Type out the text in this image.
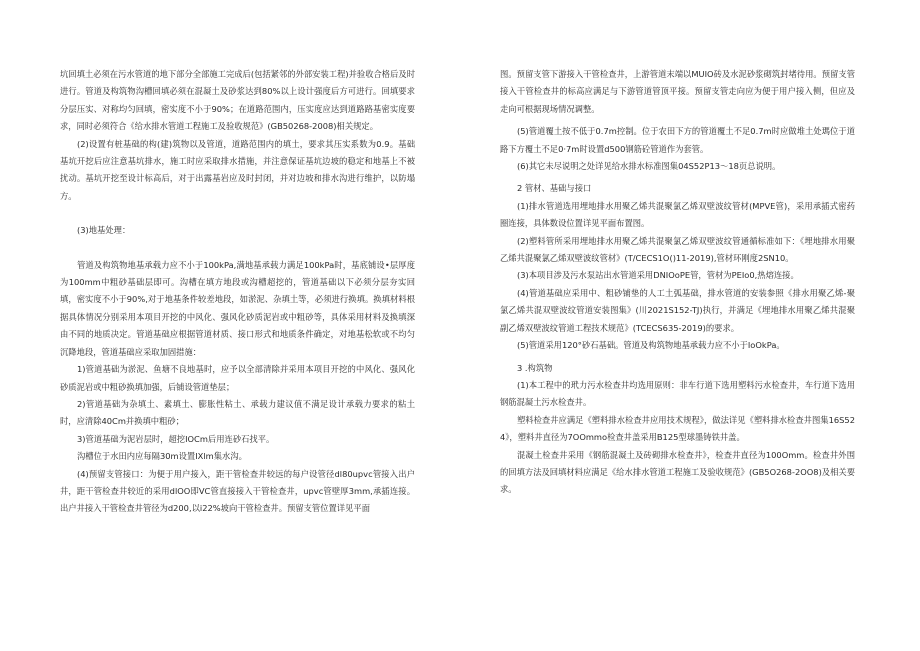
坑回填土必须在污水管道的地下部分全部施工完成后(包括紧邻的外部安装工程)并验收合格后及时进行。管道及构筑物沟槽回填必须在混凝土及砂浆达到80%以上设计强度后方可进行。回填要求分层压实、对称均匀回填，密实度不小于90%；在道路范围内，压实度应达到道路路基密实度要求，同时必须符合《给水排水管道工程施工及验收规范》(GB50268-2008)相关规定。

(2)设置有桩基础的构(建)筑物以及管道，道路范围内的填土，要求其压实系数为0.9。基础基坑开挖后应注意基坑排水，施工时应采取排水措施，并注意保证基坑边坡的稳定和地基上不被扰动。基坑开挖至设计标高后，对于出露基岩应及时封闭，并对边坡和排水沟进行维护，以防塌方。

(3)地基处理：

管道及构筑物地基承载力应不小于100kPa,满地基承载力满足100kPa时，基底铺设•层厚度为100mm中粗砂基础层即可。沟槽在填方地段或沟槽超挖的，管道基础以下必须分层夯实回填，密实度不小于90%,对于地基条件较差地段，如淤泥、杂填土等，必须进行换填。换填材料根据具体情况分别采用本项目开挖的中风化、强风化砂质泥岩或中粗砂等，具体采用材料及换填深由不同的地质决定。管道基础应根据管道材质、接口形式和地质条件确定，对地基松软或不均匀沉降地段，管道基础应采取加固措施：

1)管道基础为淤泥、鱼塘不良地基时，应予以全部清除并采用本项目开挖的中风化、强风化砂质泥岩或中粗砂换填加强，后铺设管道垫层；

2)管道基础为杂填土、素填土、膨胀性粘土、承载力建议值不满足设计承载力要求的粘土时，应清除40Cm并换填中粗砂；

3)管道基础为泥岩层时，超挖IOCm后用连砂石找平。

沟槽位于水田内应每隔30m设置IXlm集水沟。

(4)预留支管接口：为便于用户接入，距干管检查井较远的每户设管径dl80upvc管接入出户井，距干管检查井较近的采用dlOO即VC管直接接入干管检查井，upvc管壁厚3mm,承插连接。出户井接入干管检查井管径为d200,以i22%坡向干管检查井。预留支管位置详见平面

图。预留支管下游接入干管检查井，上游管道末端以MUIO砖及水泥砂浆砌筑封堵待用。预留支管接入干管检查井的标高应满足与下游管道管顶平接。预留支管走向应为便于用户接入侧，但应及走向可根据现场情况调整。

(5)管道覆土按不低于0.7m控制。位于农田下方的管道覆土不足0.7m时应做堆土处瑪位于道路下方覆土不足0·7m时设置d500钢筋砼管道作为套管。

(6)其它未尽说明之处详见给水排水标准图集04S52P13～18页总说明。

2 管材、基础与接口

(1)排水管道选用埋地排水用聚乙烯共混聚氯乙烯双壁波纹管材(MPVE管)，采用承插式密药圈连接，具体数设位置详见平面布置图。

(2)塑料管所采用埋地排水用聚乙烯共混聚氯乙烯双壁波纹管通循标准如下：《埋地排水用聚乙烯共混聚氯乙烯双壁波纹管材》(T/CECS1O()11-2019),管材环刚度2SN10。

(3)本项目涉及污水泵站出水管道采用DNIOoPE管，管材为PEIo0,热熔连接。

(4)管道基础应采用中、粗砂铺垫的人工土弧基础，排水管道的安装参照《排水用聚乙烯-聚氯乙烯共混双壁波纹管道安装图集》(川2021S152-TJ)执行，并满足《埋地排水用聚乙烯共混聚副乙烯双壁波纹管道工程技术规范》(TCECS635-2019)的要求。

(5)管道采用120°砂石基础。管道及构筑物地基承载力应不小于IoOkPa。

3 .构筑物

(1)本工程中的玳力污水检查井均选用原则：非车行道下选用塑料污水检查井，车行道下选用钢筋混凝土污水检查井。

塑料检查井应满足《塑料排水检查井应用技术规程》，做法详见《塑料排水检查井图集16S524》，塑料井直径为7OOmmo检查井盖采用B125型球墨铸铁井盖。

混凝土检查井采用《钢筋混凝土及砖砌排水检查井》，检查井直径为100Omm。检查井外围的回填方法及回填材料应满足《给水排水管道工程施工及验收规范》(GB5O268-2OO8)及相关要求。
